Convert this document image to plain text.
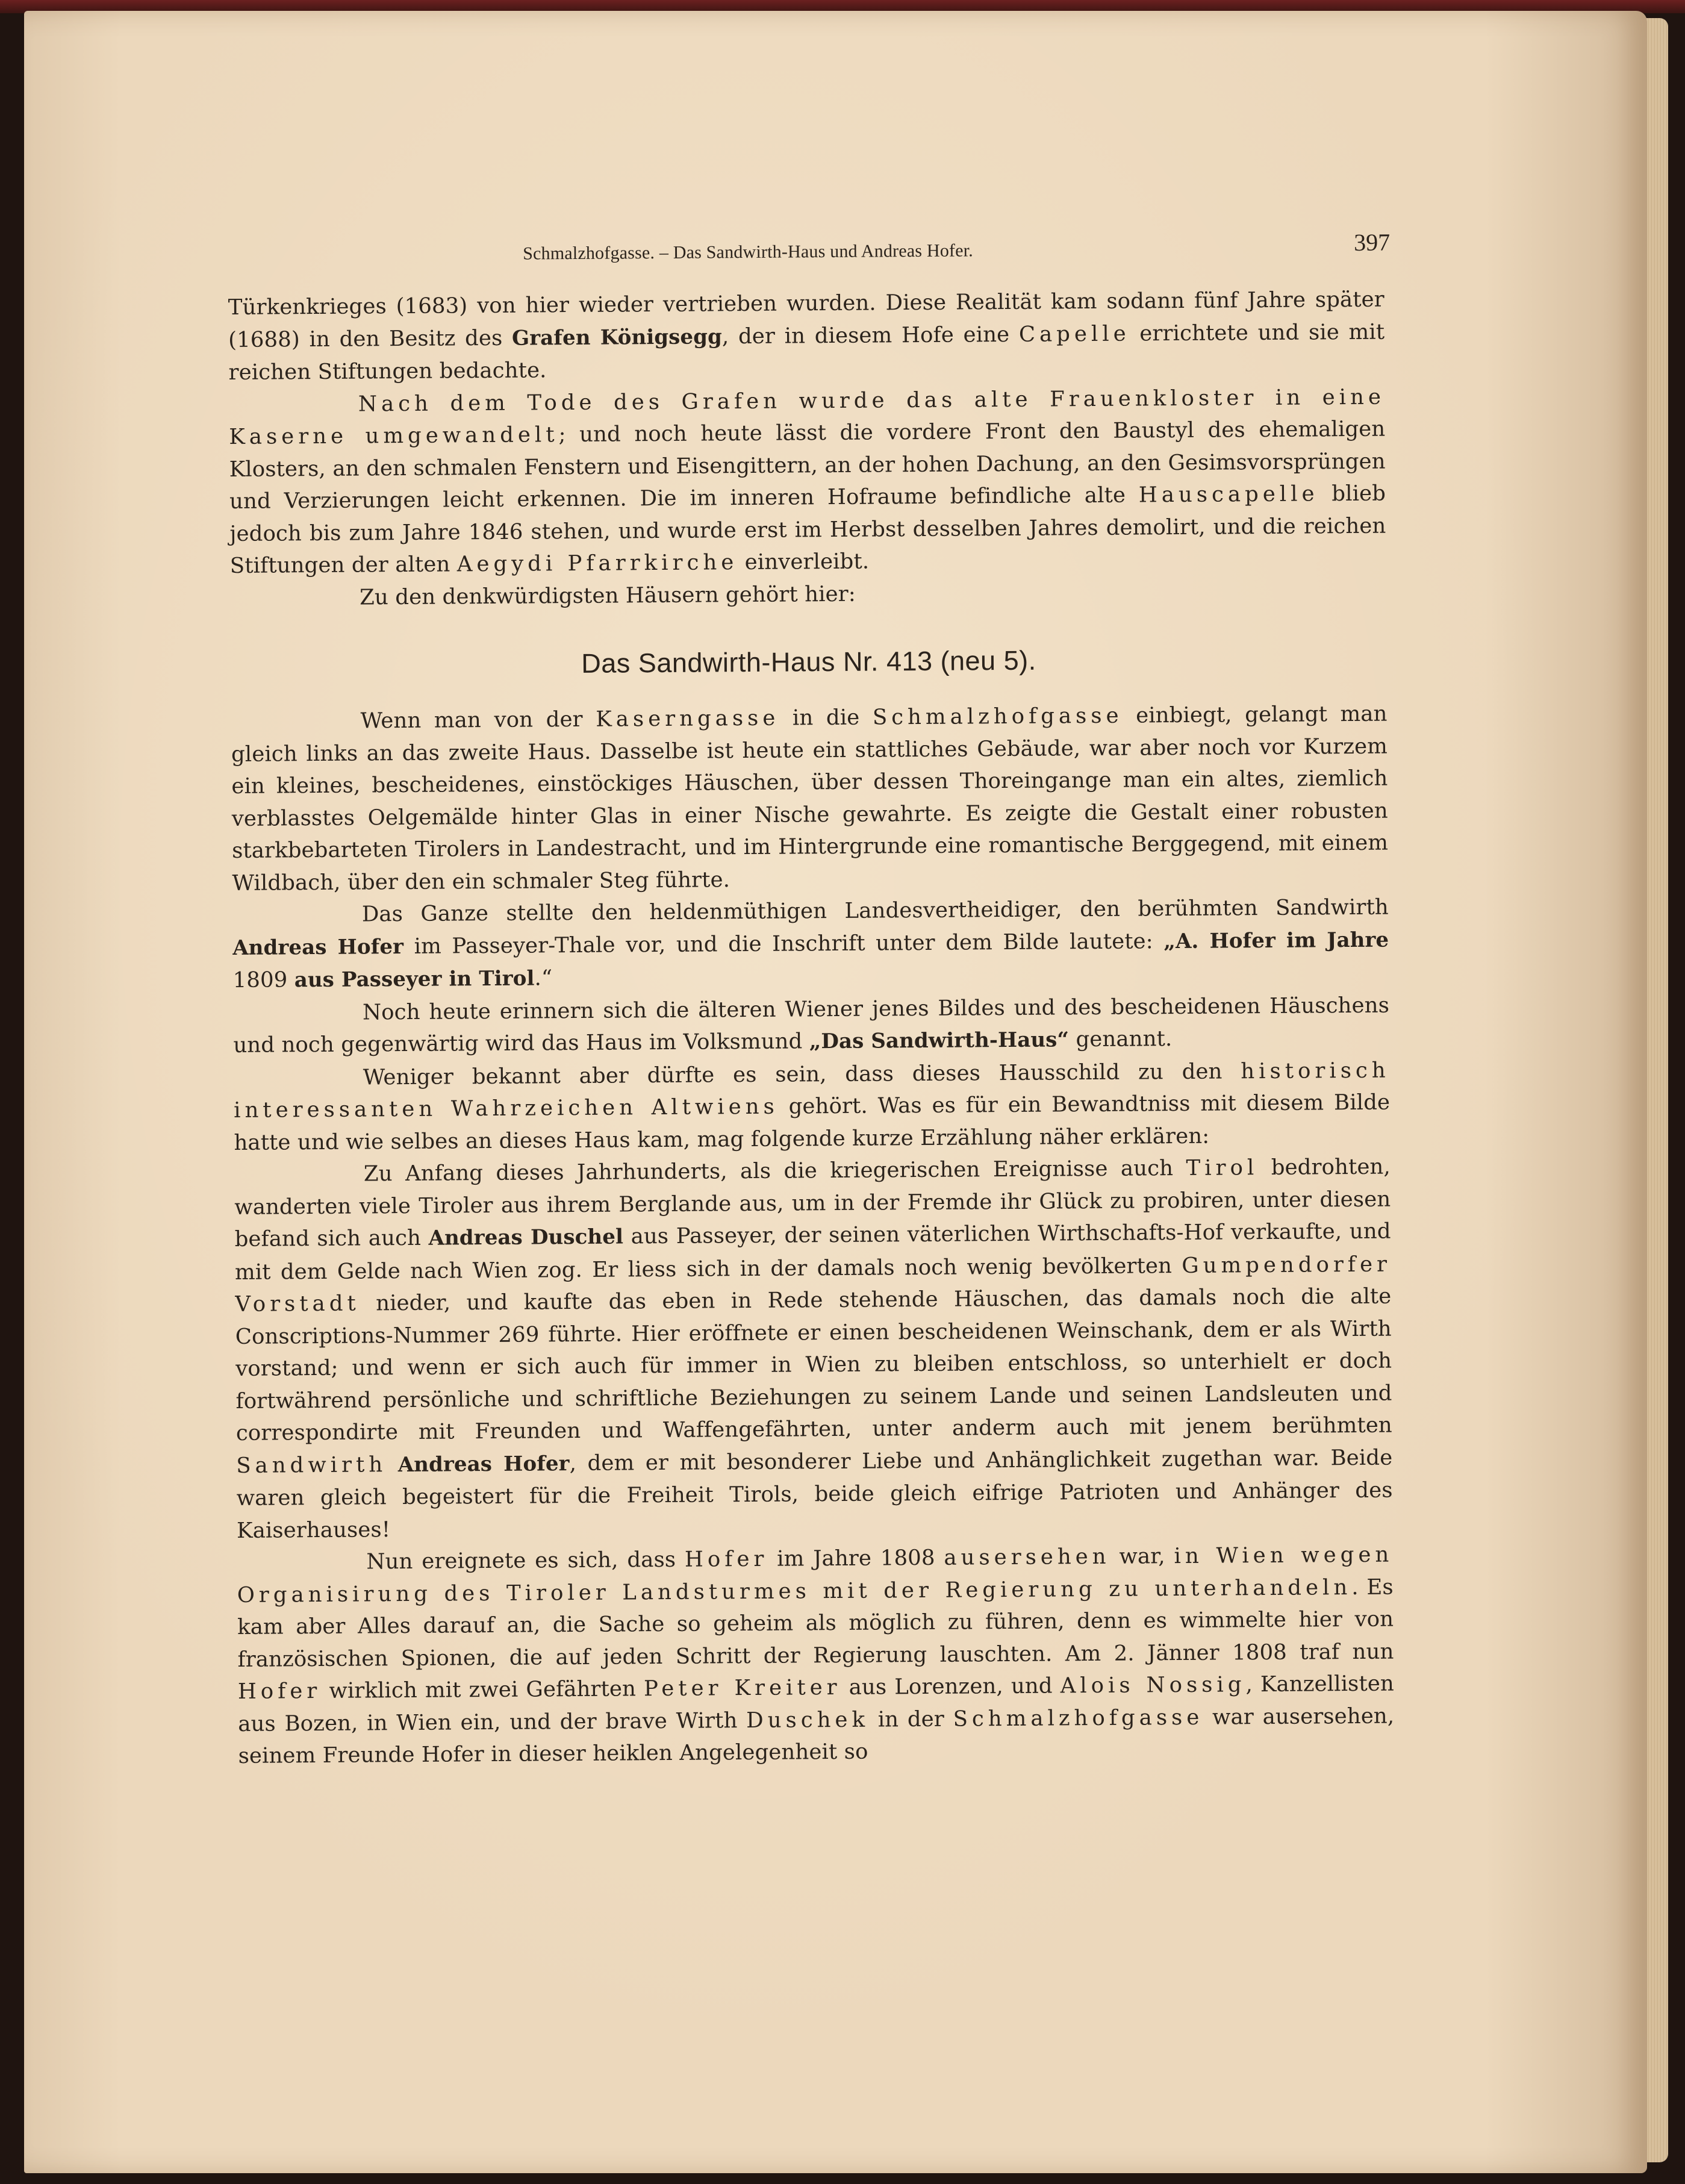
Schmalzhofgasse. – Das Sandwirth-Haus und Andreas Hofer.	397

Türkenkrieges (1683) von hier wieder vertrieben wurden. Diese Realität kam sodann fünf Jahre später (1688) in den Besitz des Grafen Königsegg, der in diesem Hofe eine Capelle errichtete und sie mit reichen Stiftungen bedachte.

Nach dem Tode des Grafen wurde das alte Frauenkloster in eine Kaserne umgewandelt; und noch heute lässt die vordere Front den Baustyl des ehemaligen Klosters, an den schmalen Fenstern und Eisengittern, an der hohen Dachung, an den Gesimsvorsprüngen und Verzierungen leicht erkennen. Die im inneren Hofraume befindliche alte Hauscapelle blieb jedoch bis zum Jahre 1846 stehen, und wurde erst im Herbst desselben Jahres demolirt, und die reichen Stiftungen der alten Aegydi Pfarrkirche einverleibt.

Zu den denkwürdigsten Häusern gehört hier:

Das Sandwirth-Haus Nr. 413 (neu 5).

Wenn man von der Kaserngasse in die Schmalzhofgasse einbiegt, gelangt man gleich links an das zweite Haus. Dasselbe ist heute ein stattliches Gebäude, war aber noch vor Kurzem ein kleines, bescheidenes, einstöckiges Häuschen, über dessen Thoreingange man ein altes, ziemlich verblasstes Oelgemälde hinter Glas in einer Nische gewahrte. Es zeigte die Gestalt einer robusten starkbebarteten Tirolers in Landestracht, und im Hintergrunde eine romantische Berggegend, mit einem Wildbach, über den ein schmaler Steg führte.

Das Ganze stellte den heldenmüthigen Landesvertheidiger, den berühmten Sandwirth Andreas Hofer im Passeyer-Thale vor, und die Inschrift unter dem Bilde lautete: „A. Hofer im Jahre 1809 aus Passeyer in Tirol.“

Noch heute erinnern sich die älteren Wiener jenes Bildes und des bescheidenen Häuschens und noch gegenwärtig wird das Haus im Volksmund „Das Sandwirth-Haus“ genannt.

Weniger bekannt aber dürfte es sein, dass dieses Hausschild zu den historisch interessanten Wahrzeichen Altwiens gehört. Was es für ein Bewandtniss mit diesem Bilde hatte und wie selbes an dieses Haus kam, mag folgende kurze Erzählung näher erklären:

Zu Anfang dieses Jahrhunderts, als die kriegerischen Ereignisse auch Tirol bedrohten, wanderten viele Tiroler aus ihrem Berglande aus, um in der Fremde ihr Glück zu probiren, unter diesen befand sich auch Andreas Duschel aus Passeyer, der seinen väterlichen Wirthschafts-Hof verkaufte, und mit dem Gelde nach Wien zog. Er liess sich in der damals noch wenig bevölkerten Gumpendorfer Vorstadt nieder, und kaufte das eben in Rede stehende Häuschen, das damals noch die alte Conscriptions-Nummer 269 führte. Hier eröffnete er einen bescheidenen Weinschank, dem er als Wirth vorstand; und wenn er sich auch für immer in Wien zu bleiben entschloss, so unterhielt er doch fortwährend persönliche und schriftliche Beziehungen zu seinem Lande und seinen Landsleuten und correspondirte mit Freunden und Waffengefährten, unter anderm auch mit jenem berühmten Sandwirth Andreas Hofer, dem er mit besonderer Liebe und Anhänglichkeit zugethan war. Beide waren gleich begeistert für die Freiheit Tirols, beide gleich eifrige Patrioten und Anhänger des Kaiserhauses!

Nun ereignete es sich, dass Hofer im Jahre 1808 ausersehen war, in Wien wegen Organisirung des Tiroler Landsturmes mit der Regierung zu unterhandeln. Es kam aber Alles darauf an, die Sache so geheim als möglich zu führen, denn es wimmelte hier von französischen Spionen, die auf jeden Schritt der Regierung lauschten. Am 2. Jänner 1808 traf nun Hofer wirklich mit zwei Gefährten Peter Kreiter aus Lorenzen, und Alois Nossig, Kanzellisten aus Bozen, in Wien ein, und der brave Wirth Duschek in der Schmalzhofgasse war ausersehen, seinem Freunde Hofer in dieser heiklen Angelegenheit so
